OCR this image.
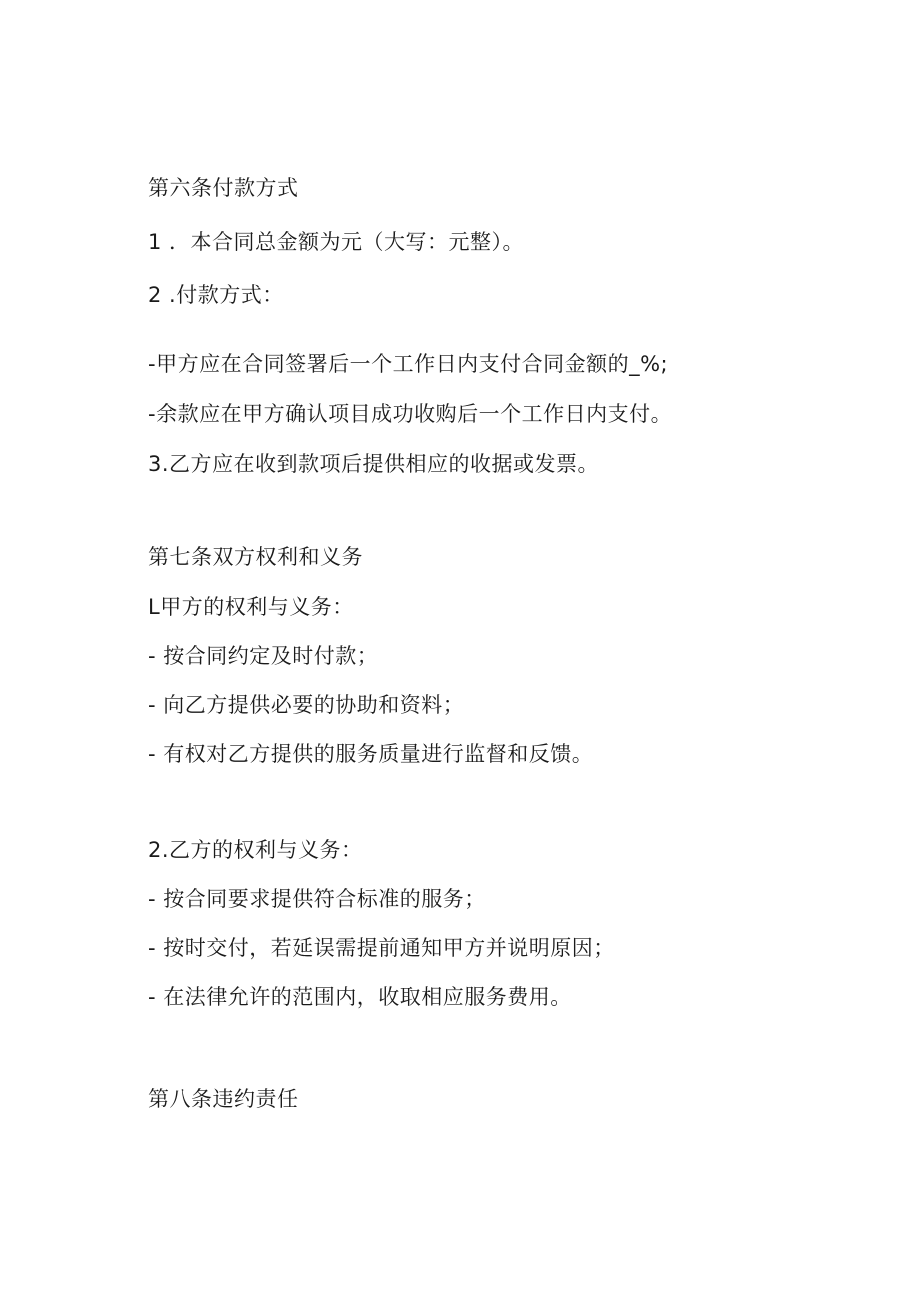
第六条付款方式
1 ．本合同总金额为元（大写：元整）。
2 .付款方式：
-甲方应在合同签署后一个工作日内支付合同金额的_%;
-余款应在甲方确认项目成功收购后一个工作日内支付。
3.乙方应在收到款项后提供相应的收据或发票。
第七条双方权利和义务
L甲方的权利与义务：
- 按合同约定及时付款；
- 向乙方提供必要的协助和资料；
- 有权对乙方提供的服务质量进行监督和反馈。
2.乙方的权利与义务：
- 按合同要求提供符合标准的服务；
- 按时交付，若延误需提前通知甲方并说明原因；
- 在法律允许的范围内，收取相应服务费用。
第八条违约责任
